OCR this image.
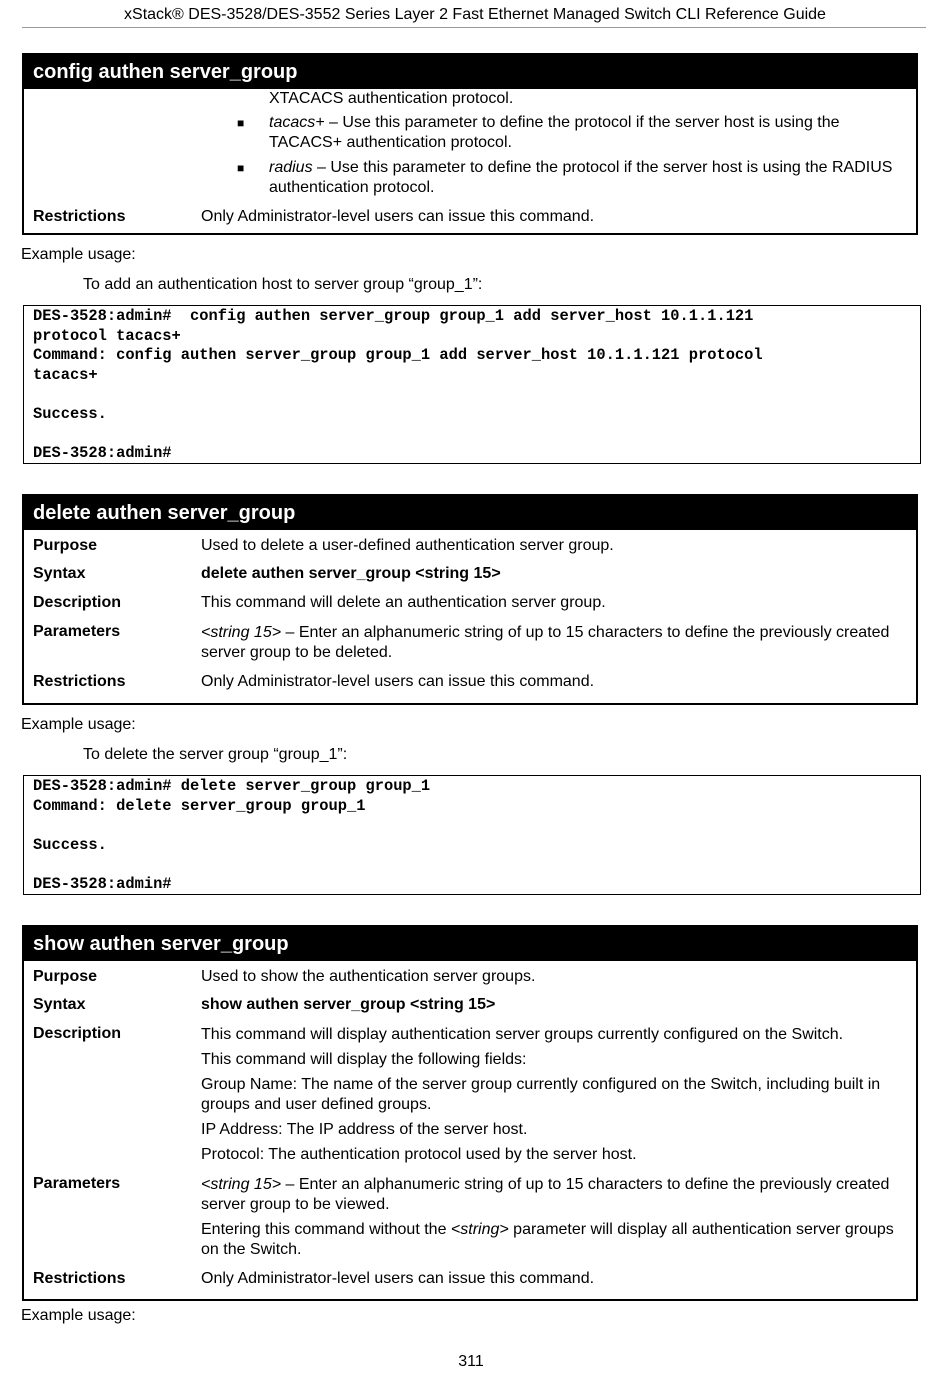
xStack® DES-3528/DES-3552 Series Layer 2 Fast Ethernet Managed Switch CLI Reference Guide
config authen server_group

XTACACS authentication protocol.

■ tacacs+ – Use this parameter to define the protocol if the server host is using the TACACS+ authentication protocol.
■ radius – Use this parameter to define the protocol if the server host is using the RADIUS authentication protocol.
Restrictions	Only Administrator-level users can issue this command.
Example usage:
To add an authentication host to server group “group_1”:
DES-3528:admin#  config authen server_group group_1 add server_host 10.1.1.121
protocol tacacs+
Command: config authen server_group group_1 add server_host 10.1.1.121 protocol
tacacs+
Success.
DES-3528:admin#
delete authen server_group
Purpose	Used to delete a user-defined authentication server group.
Syntax	delete authen server_group <string 15>
Description	This command will delete an authentication server group.
Parameters	<string 15> – Enter an alphanumeric string of up to 15 characters to define the previously created server group to be deleted.

Restrictions	Only Administrator-level users can issue this command.
Example usage:
To delete the server group “group_1”:
DES-3528:admin# delete server_group group_1
Command: delete server_group group_1
Success.
DES-3528:admin#
show authen server_group
Purpose	Used to show the authentication server groups.
Syntax	show authen server_group <string 15>
Description	This command will display authentication server groups currently configured on the Switch.

This command will display the following fields:

Group Name: The name of the server group currently configured on the Switch, including built in groups and user defined groups.

IP Address: The IP address of the server host.

Protocol: The authentication protocol used by the server host.

Parameters	<string 15> – Enter an alphanumeric string of up to 15 characters to define the previously created server group to be viewed.

Entering this command without the <string> parameter will display all authentication server groups on the Switch.

Restrictions	Only Administrator-level users can issue this command.
Example usage:
311
